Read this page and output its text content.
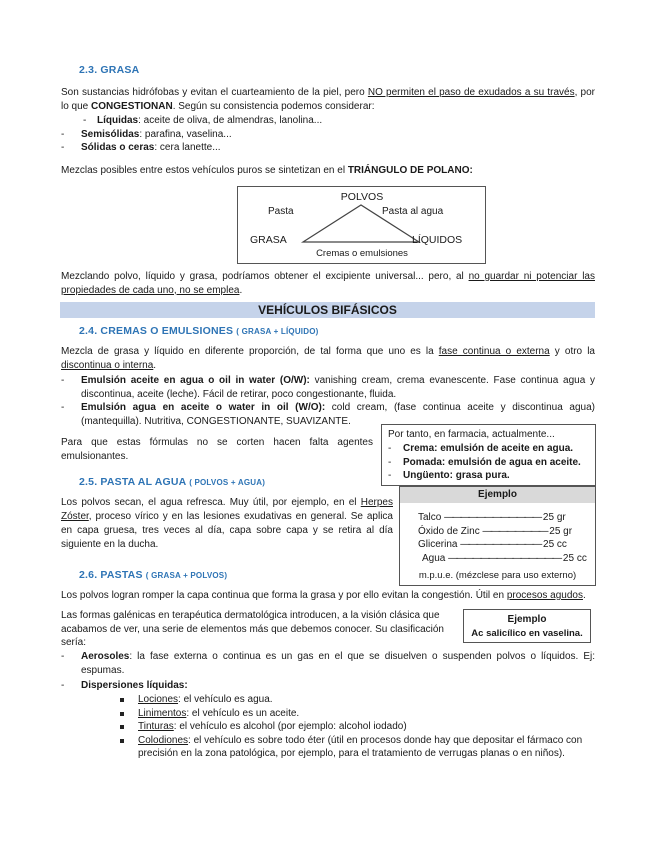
2.3. GRASA
Son sustancias hidrófobas y evitan el cuarteamiento de la piel, pero NO permiten el paso de exudados a su través, por lo que CONGESTIONAN. Según su consistencia podemos considerar:
- Líquidas: aceite de oliva, de almendras, lanolina...
- Semisólidas: parafina, vaselina...
- Sólidas o ceras: cera lanette...
Mezclas posibles entre estos vehículos puros se sintetizan en el TRIÁNGULO DE POLANO:
POLVOS
Pasta	Pasta al agua
GRASA	LÍQUIDOS
Cremas o emulsiones
Mezclando polvo, líquido y grasa, podríamos obtener el excipiente universal... pero, al no guardar ni potenciar las propiedades de cada uno, no se emplea.
VEHÍCULOS BIFÁSICOS
2.4. CREMAS O EMULSIONES ( GRASA + LÍQUIDO)
Mezcla de grasa y líquido en diferente proporción, de tal forma que uno es la fase continua o externa y otro la discontinua o interna.
- Emulsión aceite en agua o oil in water (O/W): vanishing cream, crema evanescente. Fase continua agua y discontinua, aceite (leche). Fácil de retirar, poco congestionante, fluida.
- Emulsión agua en aceite o water in oil (W/O): cold cream, (fase continua aceite y discontinua agua) (mantequilla). Nutritiva, CONGESTIONANTE, SUAVIZANTE.
Para que estas fórmulas no se corten hacen falta agentes emulsionantes.
Por tanto, en farmacia, actualmente...
- Crema: emulsión de aceite en agua.
- Pomada: emulsión de agua en aceite.
- Ungüento: grasa pura.
2.5. PASTA AL AGUA ( POLVOS + AGUA)
Los polvos secan, el agua refresca. Muy útil, por ejemplo, en el Herpes Zóster, proceso vírico y en las lesiones exudativas en general. Se aplica en capa gruesa, tres veces al día, capa sobre capa y se retira al día siguiente en la ducha.
Ejemplo
Talco ———————————— 25 gr
Óxido de Zinc ———————— 25 gr
Glicerina —————————— 25 cc
Agua —————————————— 25 cc
m.p.u.e. (mézclese para uso externo)
2.6. PASTAS ( GRASA + POLVOS)
Los polvos logran romper la capa continua que forma la grasa y por ello evitan la congestión. Útil en procesos agudos.
Las formas galénicas en terapéutica dermatológica introducen, a la visión clásica que acabamos de ver, una serie de elementos más que debemos conocer. Su clasificación sería:
Ejemplo
Ac salicílico en vaselina.
- Aerosoles: la fase externa o continua es un gas en el que se disuelven o suspenden polvos o líquidos. Ej: espumas.
- Dispersiones líquidas:
Lociones: el vehículo es agua.
Linimentos: el vehículo es un aceite.
Tinturas: el vehículo es alcohol (por ejemplo: alcohol iodado)
Colodiones: el vehículo es sobre todo éter (útil en procesos donde hay que depositar el fármaco con precisión en la zona patológica, por ejemplo, para el tratamiento de verrugas planas o en niños).
